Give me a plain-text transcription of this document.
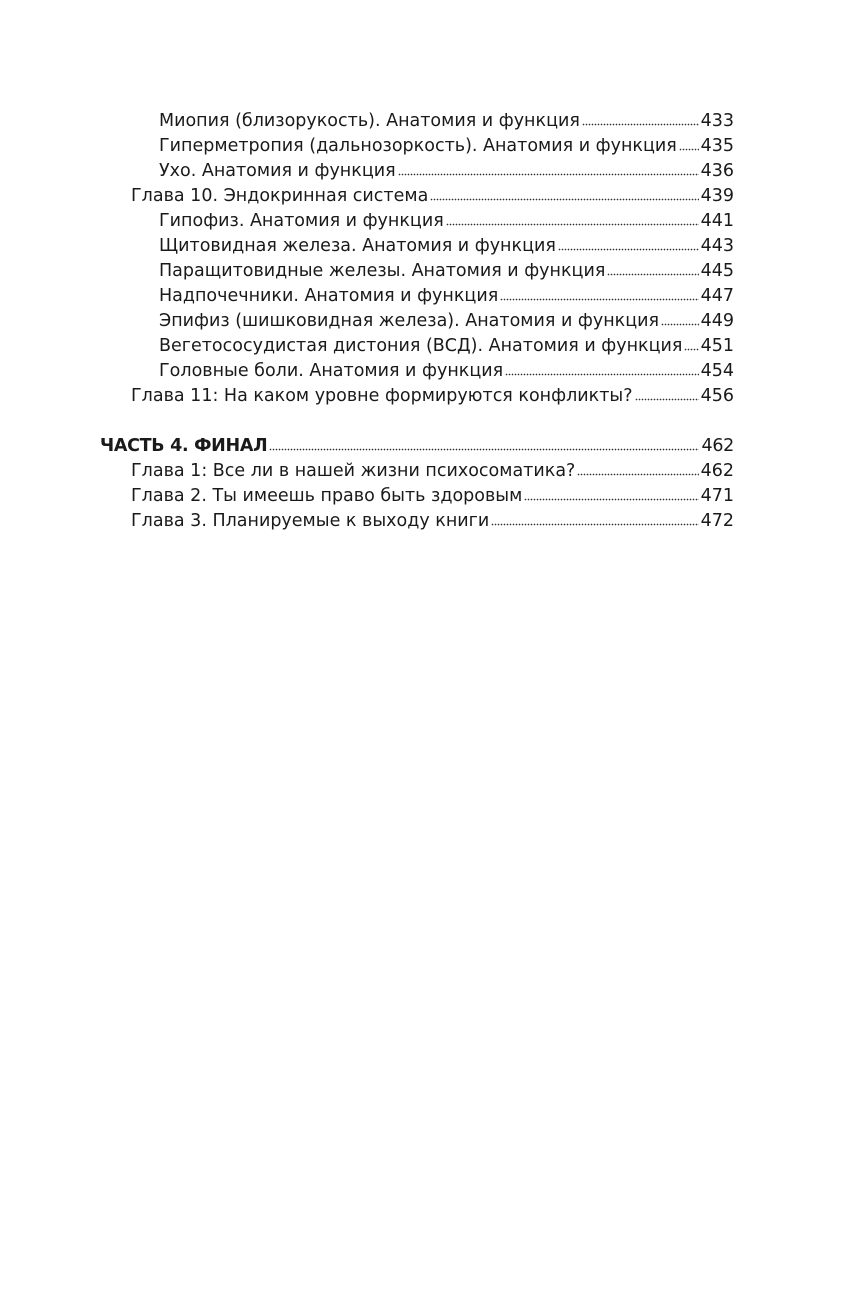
Миопия (близорукость). Анатомия и функция	433
Гиперметропия (дальнозоркость). Анатомия и функция 435
Ухо. Анатомия и функция	436
Глава 10. Эндокринная система	439
Гипофиз. Анатомия и функция	441
Щитовидная железа. Анатомия и функция	443
Паращитовидные железы. Анатомия и функция	445
Надпочечники. Анатомия и функция	447
Эпифиз (шишковидная железа). Анатомия и функция 449
Вегетососудистая дистония (ВСД). Анатомия и функция 451
Головные боли. Анатомия и функция	454
Глава 11: На каком уровне формируются конфликты?	456
ЧАСТЬ 4. ФИНАЛ	462
Глава 1: Все ли в нашей жизни психосоматика?	462
Глава 2. Ты имеешь право быть здоровым	471
Глава 3. Планируемые к выходу книги	472
